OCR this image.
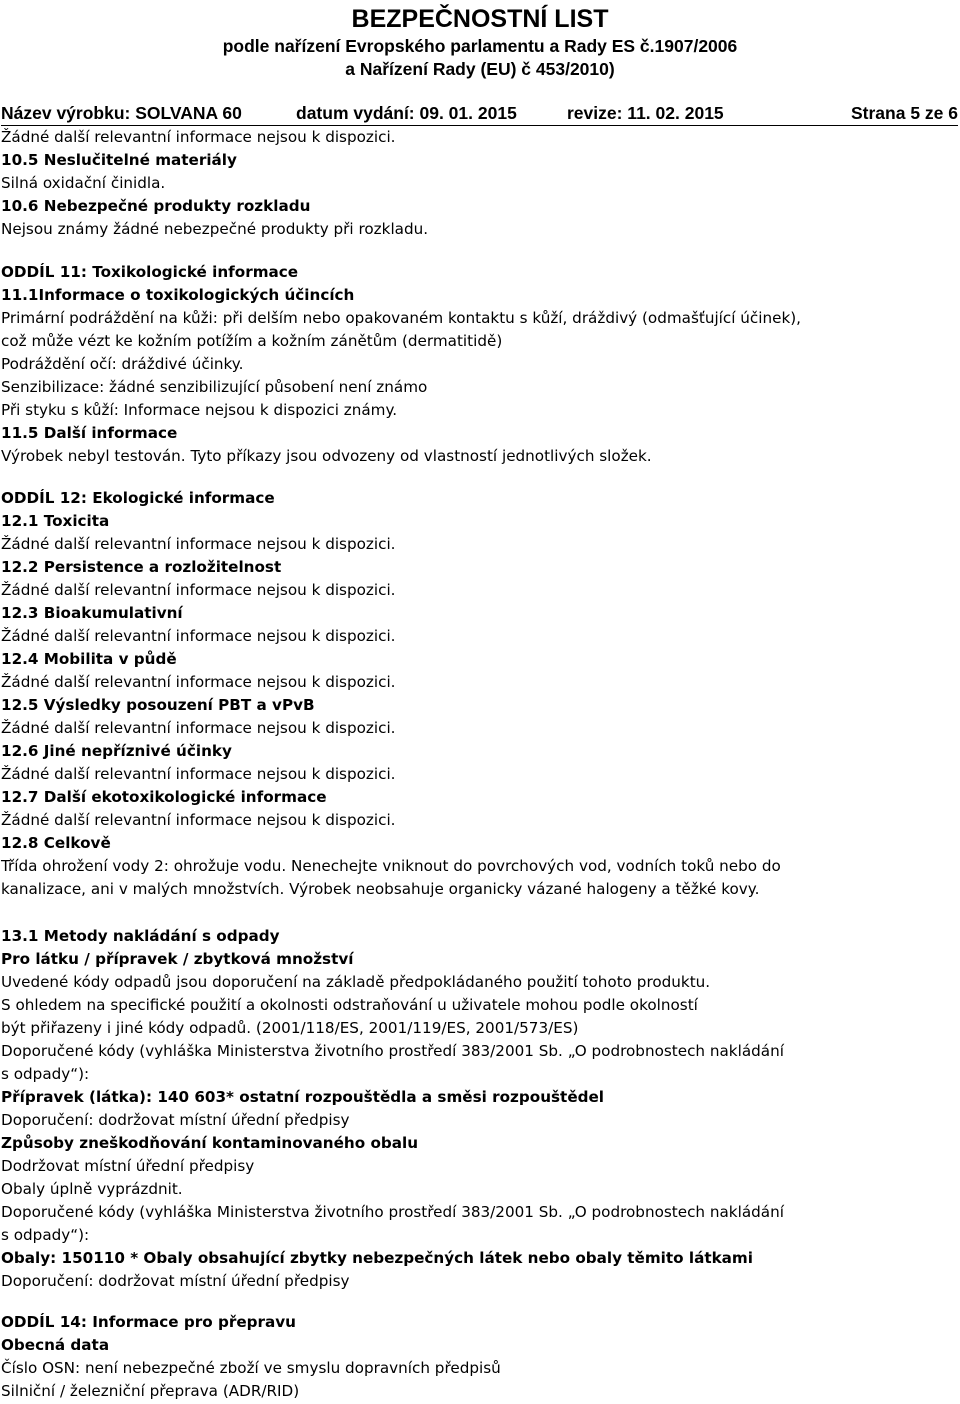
BEZPEČNOSTNÍ LIST
podle nařízení Evropského parlamentu a Rady ES č.1907/2006
a Nařízení Rady (EU) č 453/2010)
Název výrobku: SOLVANA 60	datum vydání: 09. 01. 2015	revize: 11. 02. 2015	Strana 5 ze 6
Žádné další relevantní informace nejsou k dispozici.
10.5 Neslučitelné materiály
Silná oxidační činidla.
10.6 Nebezpečné produkty rozkladu
Nejsou známy žádné nebezpečné produkty při rozkladu.
ODDÍL 11: Toxikologické informace
11.1Informace o toxikologických účincích
Primární podráždění na kůži: při delším nebo opakovaném kontaktu s kůží, dráždivý (odmašťující účinek),
což může vézt ke kožním potížím a kožním zánětům (dermatitidě)
Podráždění očí: dráždivé účinky.
Senzibilizace: žádné senzibilizující působení není známo
Při styku s kůží: Informace nejsou k dispozici známy.
11.5 Další informace
Výrobek nebyl testován. Tyto příkazy jsou odvozeny od vlastností jednotlivých složek.
ODDÍL 12: Ekologické informace
12.1 Toxicita
Žádné další relevantní informace nejsou k dispozici.
12.2 Persistence a rozložitelnost
Žádné další relevantní informace nejsou k dispozici.
12.3 Bioakumulativní
Žádné další relevantní informace nejsou k dispozici.
12.4 Mobilita v půdě
Žádné další relevantní informace nejsou k dispozici.
12.5 Výsledky posouzení PBT a vPvB
Žádné další relevantní informace nejsou k dispozici.
12.6 Jiné nepříznivé účinky
Žádné další relevantní informace nejsou k dispozici.
12.7 Další ekotoxikologické informace
Žádné další relevantní informace nejsou k dispozici.
12.8 Celkově
Třída ohrožení vody 2: ohrožuje vodu. Nenechejte vniknout do povrchových vod, vodních toků nebo do
kanalizace, ani v malých množstvích. Výrobek neobsahuje organicky vázané halogeny a těžké kovy.
13.1 Metody nakládání s odpady
Pro látku / přípravek / zbytková množství
Uvedené kódy odpadů jsou doporučení na základě předpokládaného použití tohoto produktu.
S ohledem na specifické použití a okolnosti odstraňování u uživatele mohou podle okolností
být přiřazeny i jiné kódy odpadů. (2001/118/ES, 2001/119/ES, 2001/573/ES)
Doporučené kódy (vyhláška Ministerstva životního prostředí 383/2001 Sb. „O podrobnostech nakládání
s odpady“):
Přípravek (látka): 140 603* ostatní rozpouštědla a směsi rozpouštědel
Doporučení: dodržovat místní úřední předpisy
Způsoby zneškodňování kontaminovaného obalu
Dodržovat místní úřední předpisy
Obaly úplně vyprázdnit.
Doporučené kódy (vyhláška Ministerstva životního prostředí 383/2001 Sb. „O podrobnostech nakládání
s odpady“):
Obaly: 150110 * Obaly obsahující zbytky nebezpečných látek nebo obaly těmito látkami
Doporučení: dodržovat místní úřední předpisy
ODDÍL 14: Informace pro přepravu
Obecná data
Číslo OSN: není nebezpečné zboží ve smyslu dopravních předpisů
Silniční / železniční přeprava (ADR/RID)
